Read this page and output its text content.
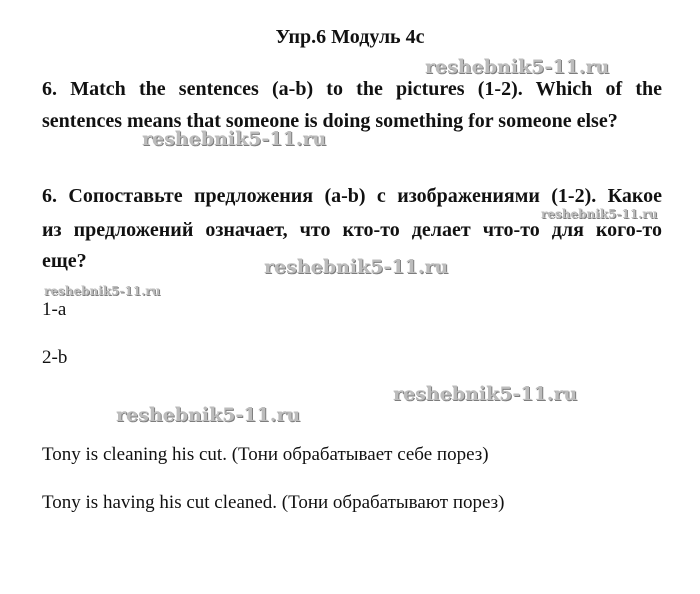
Упр.6 Модуль 4с
reshebnik5-11.ru
6. Match the sentences (a-b) to the pictures (1-2). Which of the
sentences means that someone is doing something for someone else?
reshebnik5-11.ru
6. Сопоставьте предложения (a-b) с изображениями (1-2). Какое
reshebnik5-11.ru
из предложений означает, что кто-то делает что-то для кого-то
еще?	reshebnik5-11.ru
reshebnik5-11.ru
1-a
2-b
reshebnik5-11.ru
reshebnik5-11.ru
Tony is cleaning his cut. (Тони обрабатывает себе порез)
Tony is having his cut cleaned. (Тони обрабатывают порез)
